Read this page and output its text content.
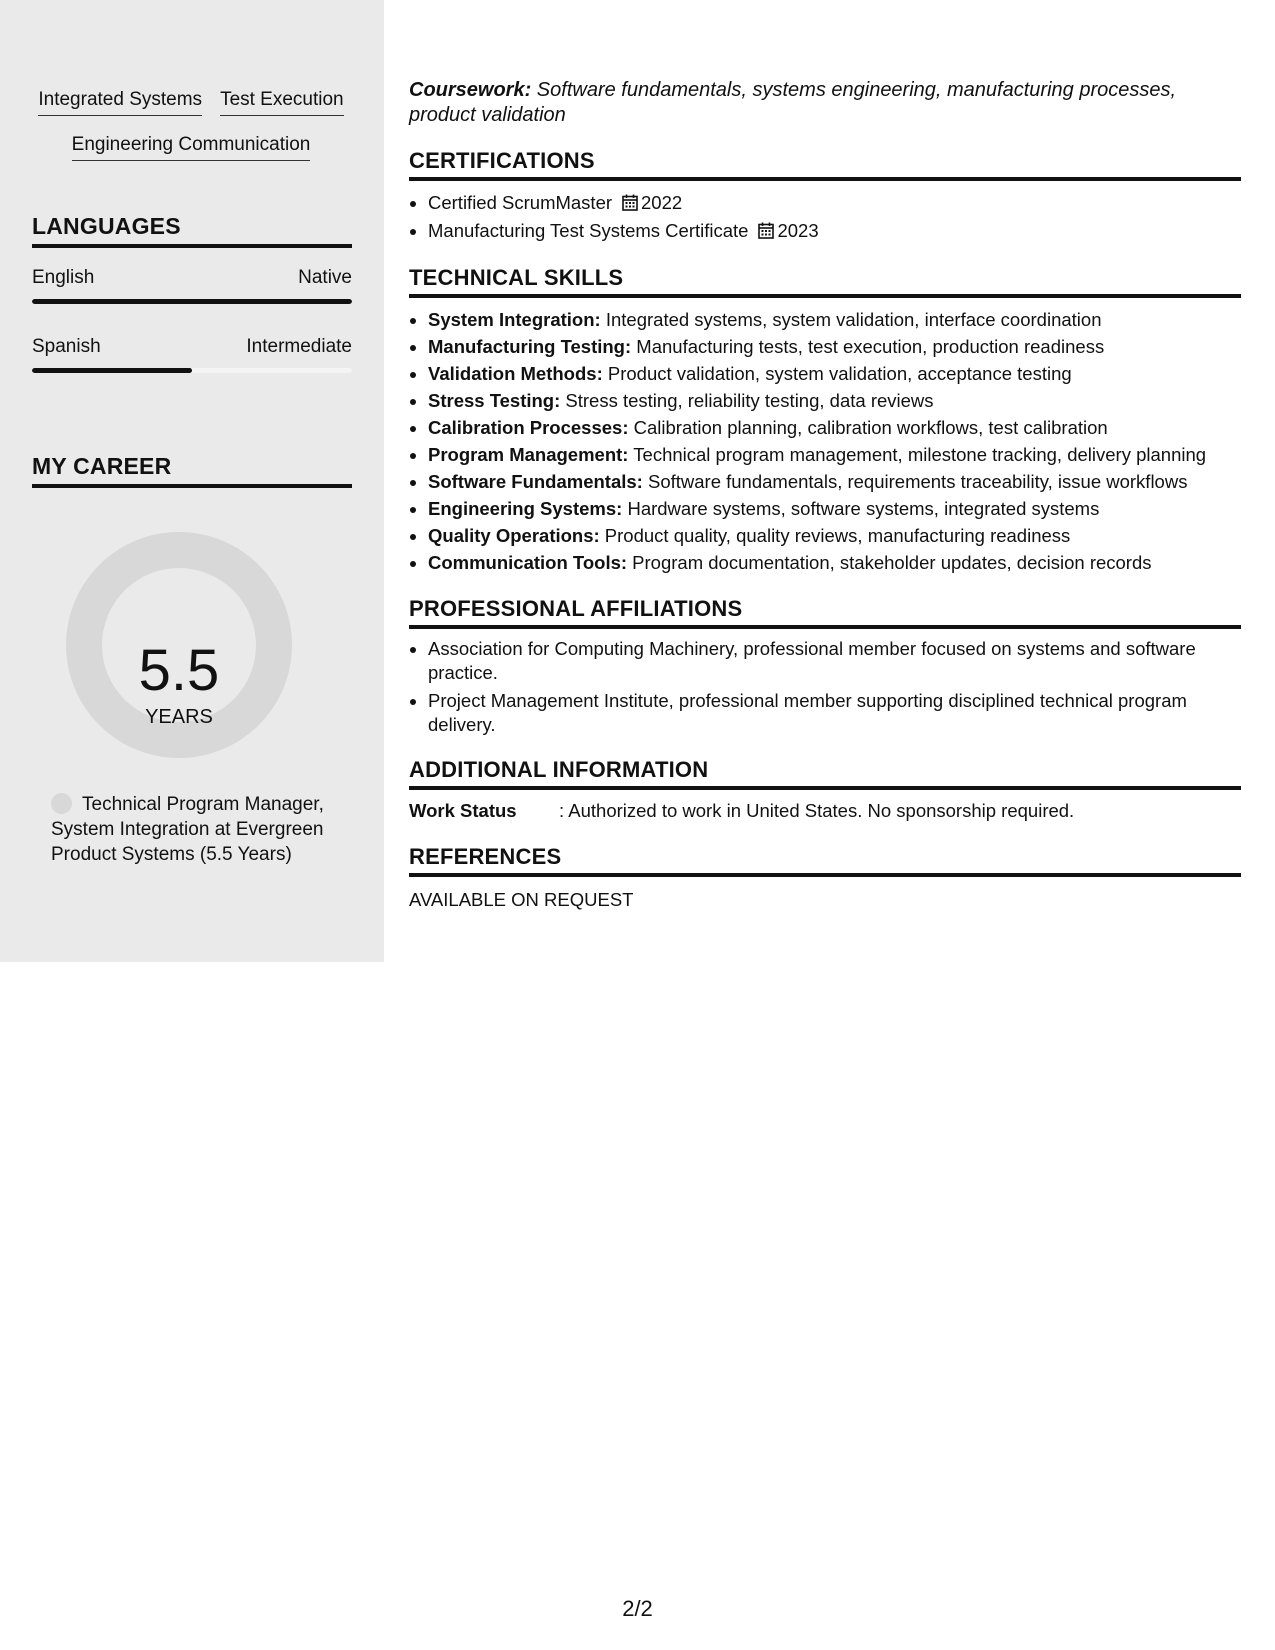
Integrated Systems Test Execution
Engineering Communication
LANGUAGES
English	Native
Spanish	Intermediate
MY CAREER
5.5
YEARS
Technical Program Manager, System Integration at Evergreen Product Systems (5.5 Years)

Coursework: Software fundamentals, systems engineering, manufacturing processes, product validation

CERTIFICATIONS
• Certified ScrumMaster 2022
• Manufacturing Test Systems Certificate 2023
TECHNICAL SKILLS
• System Integration: Integrated systems, system validation, interface coordination
• Manufacturing Testing: Manufacturing tests, test execution, production readiness
• Validation Methods: Product validation, system validation, acceptance testing
• Stress Testing: Stress testing, reliability testing, data reviews
• Calibration Processes: Calibration planning, calibration workflows, test calibration
• Program Management: Technical program management, milestone tracking, delivery planning
• Software Fundamentals: Software fundamentals, requirements traceability, issue workflows
• Engineering Systems: Hardware systems, software systems, integrated systems
• Quality Operations: Product quality, quality reviews, manufacturing readiness
• Communication Tools: Program documentation, stakeholder updates, decision records
PROFESSIONAL AFFILIATIONS
• Association for Computing Machinery, professional member focused on systems and software practice.
• Project Management Institute, professional member supporting disciplined technical program delivery.
ADDITIONAL INFORMATION
Work Status	: Authorized to work in United States. No sponsorship required.
REFERENCES

AVAILABLE ON REQUEST

2/2
